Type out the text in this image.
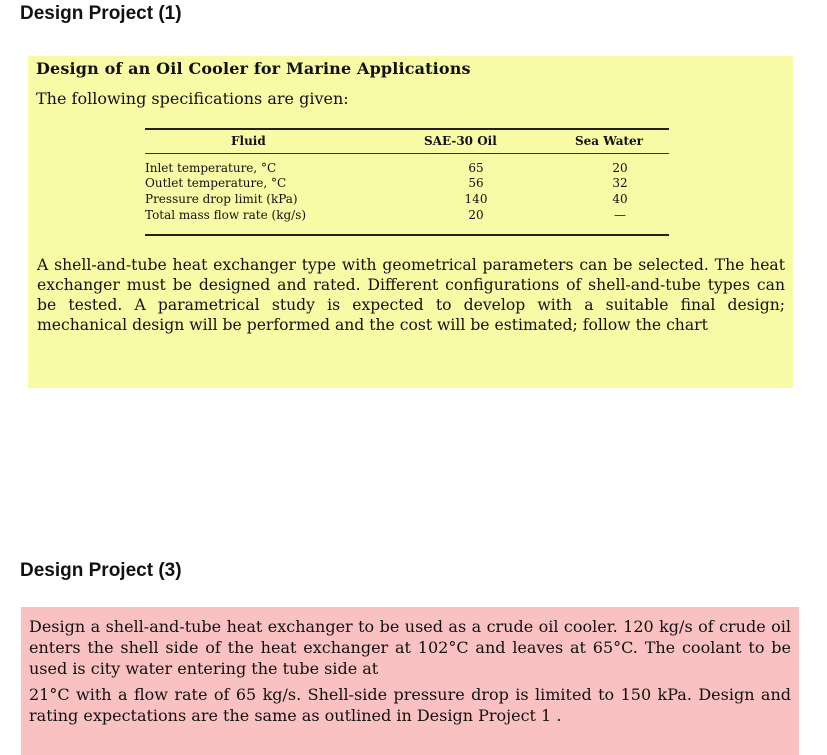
Design Project (1)
Design of an Oil Cooler for Marine Applications
The following specifications are given:
Fluid	SAE-30 Oil	Sea Water
Inlet temperature, °C	65	20
Outlet temperature, °C	56	32
Pressure drop limit (kPa)	140	40
Total mass flow rate (kg/s)	20	—
A shell-and-tube heat exchanger type with geometrical parameters can be selected. The heat exchanger must be designed and rated. Different configurations of shell-and-tube types can be tested. A parametrical study is expected to develop with a suitable final design; mechanical design will be performed and the cost will be estimated; follow the chart
Design Project (3)

Design a shell-and-tube heat exchanger to be used as a crude oil cooler. 120 kg/s of crude oil enters the shell side of the heat exchanger at 102°C and leaves at 65°C. The coolant to be used is city water entering the tube side at

21°C with a flow rate of 65 kg/s. Shell-side pressure drop is limited to 150 kPa. Design and rating expectations are the same as outlined in Design Project 1 .
